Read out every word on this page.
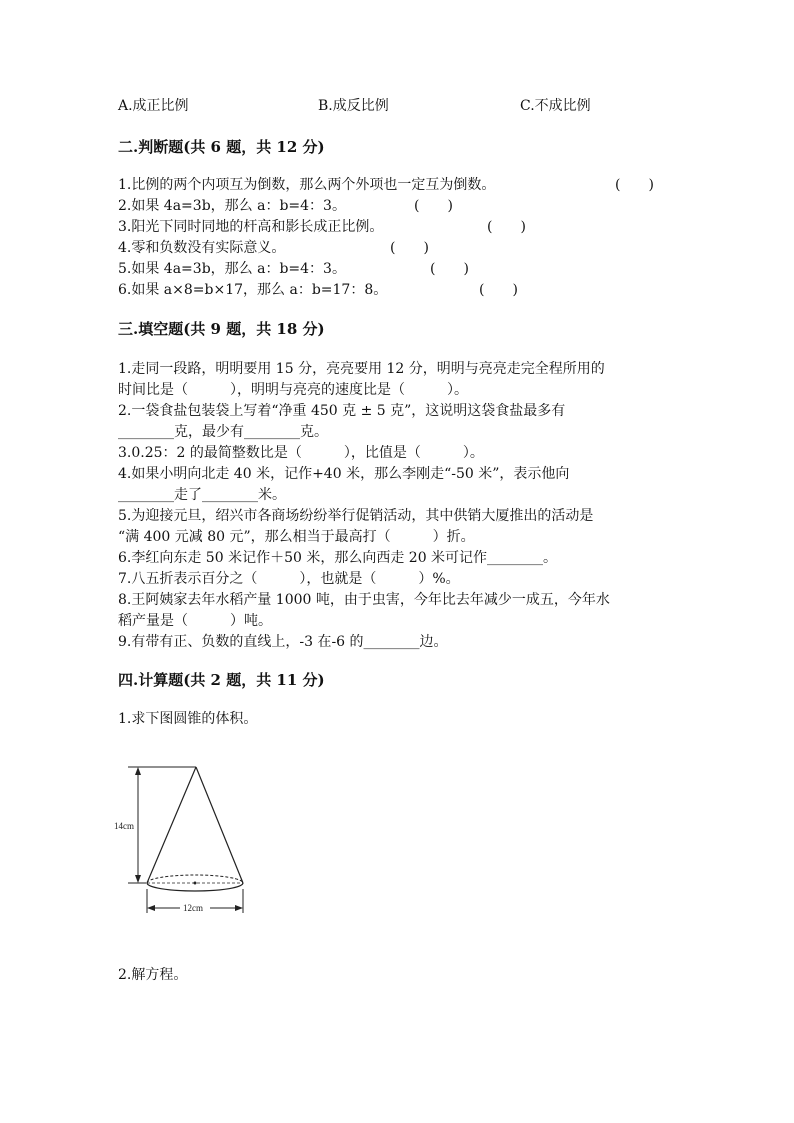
A.成正比例	B.成反比例	C.不成比例
二.判断题(共 6 题，共 12 分)
1.比例的两个内项互为倒数，那么两个外项也一定互为倒数。	(　　)
2.如果 4a=3b，那么 a：b=4：3。	(　　)
3.阳光下同时同地的杆高和影长成正比例。	(　　)
4.零和负数没有实际意义。	(　　)
5.如果 4a=3b，那么 a：b=4：3。	(　　)
6.如果 a×8=b×17，那么 a：b=17：8。	(　　)
三.填空题(共 9 题，共 18 分)
1.走同一段路，明明要用 15 分，亮亮要用 12 分，明明与亮亮走完全程所用的
时间比是（　　　），明明与亮亮的速度比是（　　　）。
2.一袋食盐包装袋上写着“净重 450 克 ± 5 克”，这说明这袋食盐最多有
________克，最少有________克。
3.0.25：2 的最简整数比是（　　　），比值是（　　　）。
4.如果小明向北走 40 米，记作+40 米，那么李刚走“-50 米”，表示他向
________走了________米。
5.为迎接元旦，绍兴市各商场纷纷举行促销活动，其中供销大厦推出的活动是
“满 400 元减 80 元”，那么相当于最高打（　　　）折。
6.李红向东走 50 米记作＋50 米，那么向西走 20 米可记作________。
7.八五折表示百分之（　　　），也就是（　　　）%。
8.王阿姨家去年水稻产量 1000 吨，由于虫害，今年比去年减少一成五，今年水
稻产量是（　　　）吨。
9.有带有正、负数的直线上，-3 在-6 的________边。
四.计算题(共 2 题，共 11 分)
1.求下图圆锥的体积。
14cm
12cm
2.解方程。
